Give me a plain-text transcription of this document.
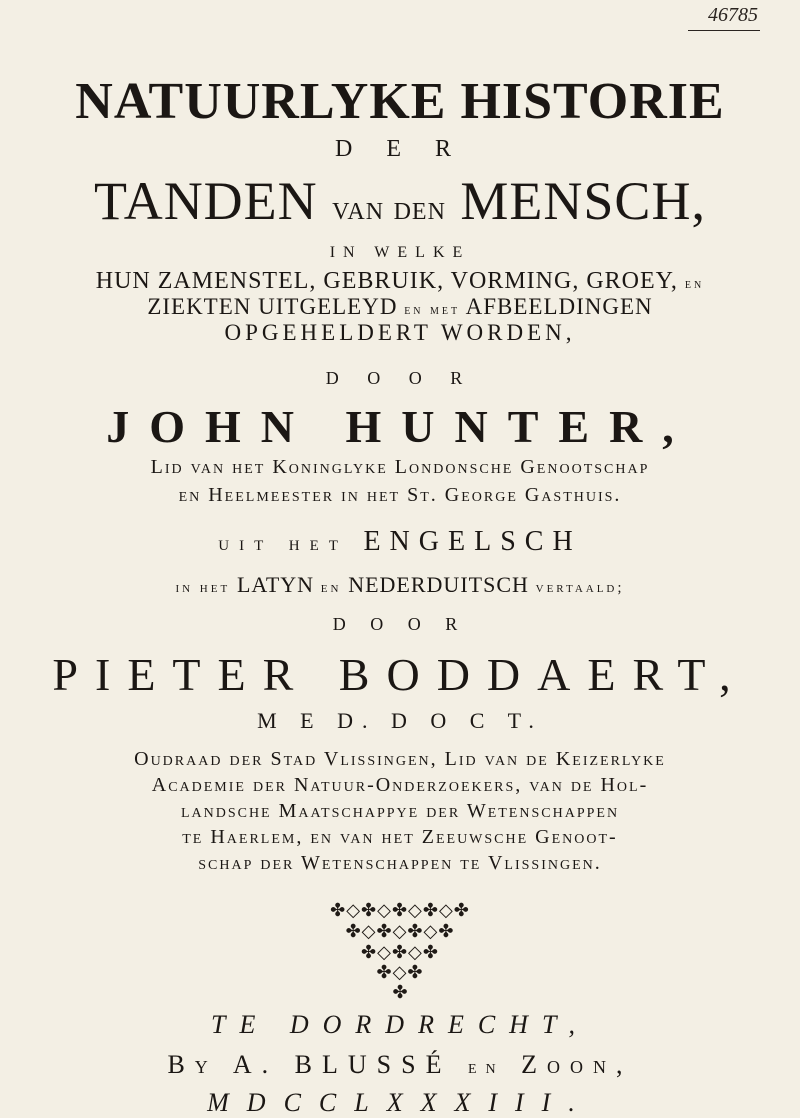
46785
NATUURLYKE HISTORIE
D E R
TANDEN van den MENSCH,
IN WELKE
HUN ZAMENSTEL, GEBRUIK, VORMING, GROEY, en
ZIEKTEN UITGELEYD en met AFBEELDINGEN
OPGEHELDERT WORDEN,
D O O R
JOHN HUNTER,
Lid van het Koninglyke Londonsche Genootschap
en Heelmeester in het St. George Gasthuis.
uit het ENGELSCH
in het LATYN en NEDERDUITSCH vertaald;
D O O R
PIETER BODDAERT,
M E D. D O C T.
Oudraad der Stad Vlissingen, Lid van de Keizerlyke
Academie der Natuur-Onderzoekers, van de Hol-
landsche Maatschappye der Wetenschappen
te Haerlem, en van het Zeeuwsche Genoot-
schap der Wetenschappen te Vlissingen.
✤◇✤◇✤◇✤◇✤
✤◇✤◇✤◇✤
✤◇✤◇✤
✤◇✤
✤
TE DORDRECHT,
By A. BLUSSÉ en Zoon,
MDCCLXXXIII.
